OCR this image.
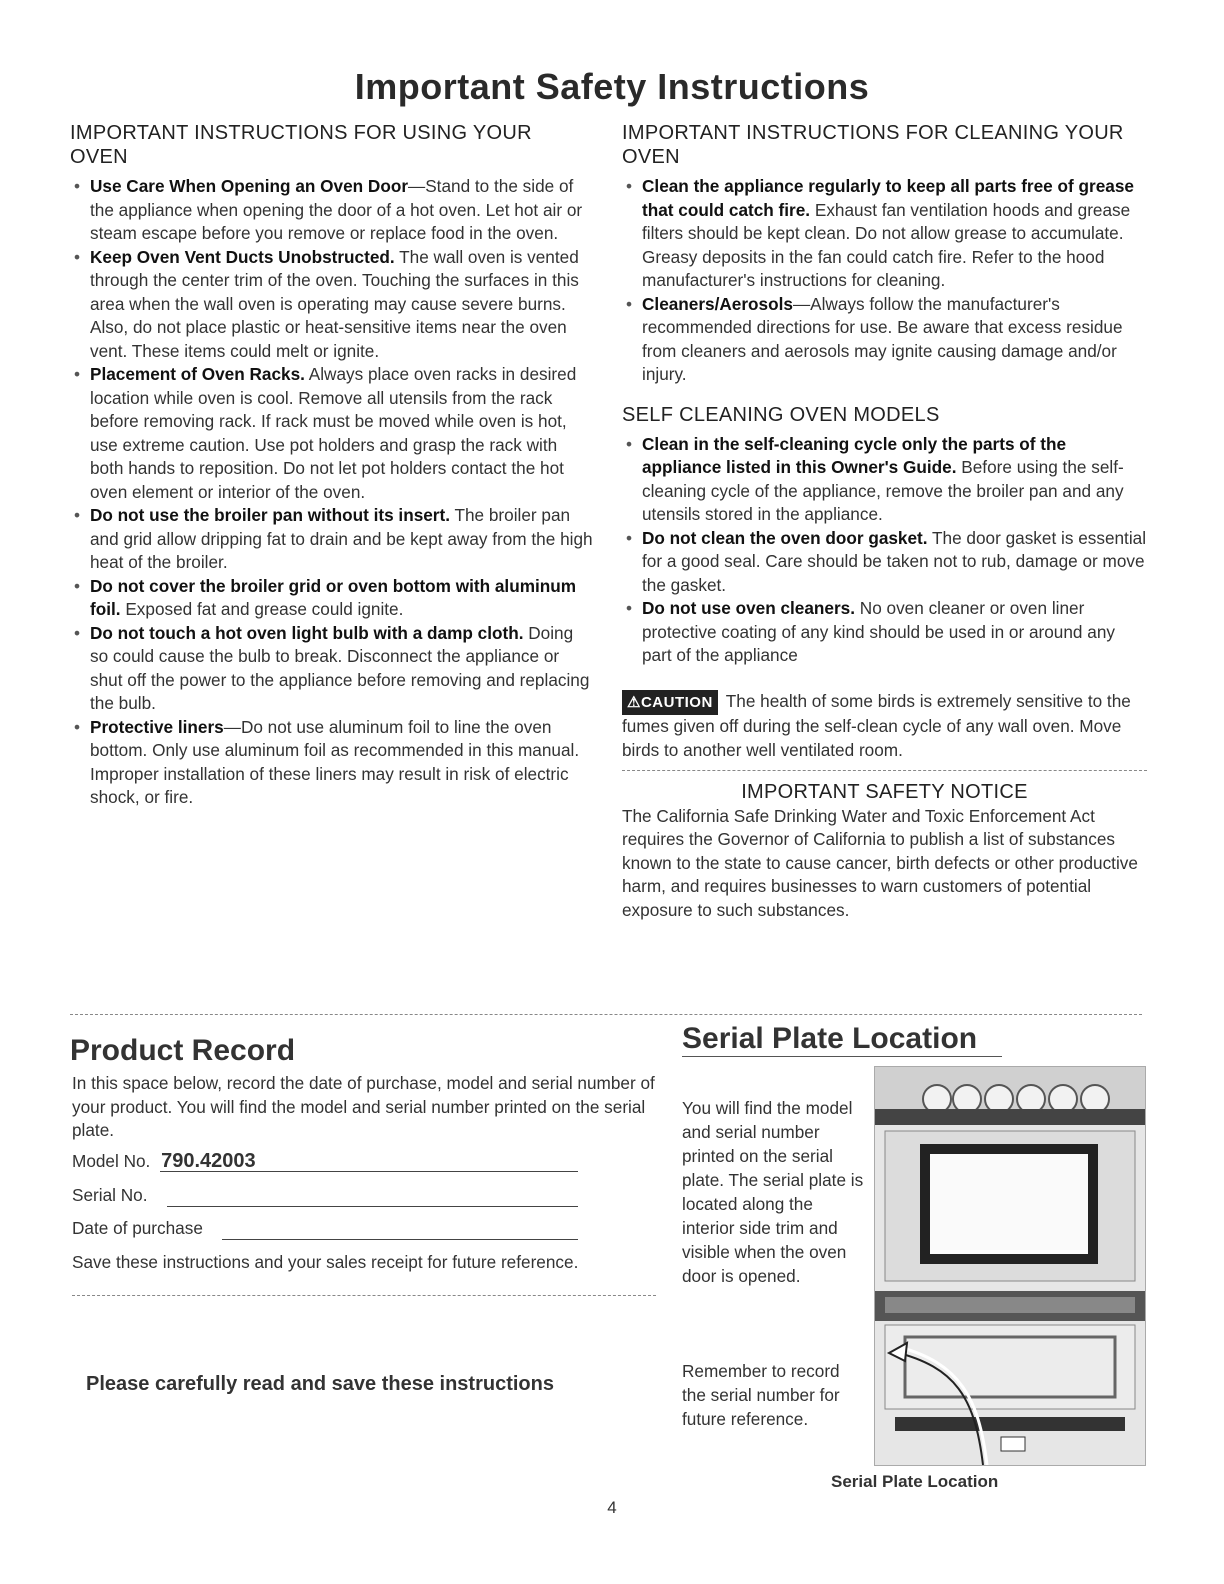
Important Safety Instructions
IMPORTANT INSTRUCTIONS FOR USING YOUR OVEN
• Use Care When Opening an Oven Door—Stand to the side of the appliance when opening the door of a hot oven. Let hot air or steam escape before you remove or replace food in the oven.
• Keep Oven Vent Ducts Unobstructed. The wall oven is vented through the center trim of the oven. Touching the surfaces in this area when the wall oven is operating may cause severe burns. Also, do not place plastic or heat-sensitive items near the oven vent. These items could melt or ignite.
• Placement of Oven Racks. Always place oven racks in desired location while oven is cool. Remove all utensils from the rack before removing rack. If rack must be moved while oven is hot, use extreme caution. Use pot holders and grasp the rack with both hands to reposition. Do not let pot holders contact the hot oven element or interior of the oven.
• Do not use the broiler pan without its insert. The broiler pan and grid allow dripping fat to drain and be kept away from the high heat of the broiler.
• Do not cover the broiler grid or oven bottom with aluminum foil. Exposed fat and grease could ignite.
• Do not touch a hot oven light bulb with a damp cloth. Doing so could cause the bulb to break. Disconnect the appliance or shut off the power to the appliance before removing and replacing the bulb.
• Protective liners—Do not use aluminum foil to line the oven bottom. Only use aluminum foil as recommended in this manual. Improper installation of these liners may result in risk of electric shock, or fire.
IMPORTANT INSTRUCTIONS FOR CLEANING YOUR OVEN
• Clean the appliance regularly to keep all parts free of grease that could catch fire. Exhaust fan ventilation hoods and grease filters should be kept clean. Do not allow grease to accumulate. Greasy deposits in the fan could catch fire. Refer to the hood manufacturer's instructions for cleaning.
• Cleaners/Aerosols—Always follow the manufacturer's recommended directions for use. Be aware that excess residue from cleaners and aerosols may ignite causing damage and/or injury.
SELF CLEANING OVEN MODELS
• Clean in the self-cleaning cycle only the parts of the appliance listed in this Owner's Guide. Before using the self-cleaning cycle of the appliance, remove the broiler pan and any utensils stored in the appliance.
• Do not clean the oven door gasket. The door gasket is essential for a good seal. Care should be taken not to rub, damage or move the gasket.
• Do not use oven cleaners. No oven cleaner or oven liner protective coating of any kind should be used in or around any part of the appliance
⚠CAUTION The health of some birds is extremely sensitive to the fumes given off during the self-clean cycle of any wall oven. Move birds to another well ventilated room.
IMPORTANT SAFETY NOTICE
The California Safe Drinking Water and Toxic Enforcement Act requires the Governor of California to publish a list of substances known to the state to cause cancer, birth defects or other productive harm, and requires businesses to warn customers of potential exposure to such substances.
Product Record
In this space below, record the date of purchase, model and serial number of your product. You will find the model and serial number printed on the serial plate.
Model No. 790.42003
Serial No.
Date of purchase
Save these instructions and your sales receipt for future reference.
Please carefully read and save these instructions
Serial Plate Location
You will find the model and serial number printed on the serial plate. The serial plate is located along the interior side trim and visible when the oven door is opened.
Remember to record the serial number for future reference.
Serial Plate Location
4
